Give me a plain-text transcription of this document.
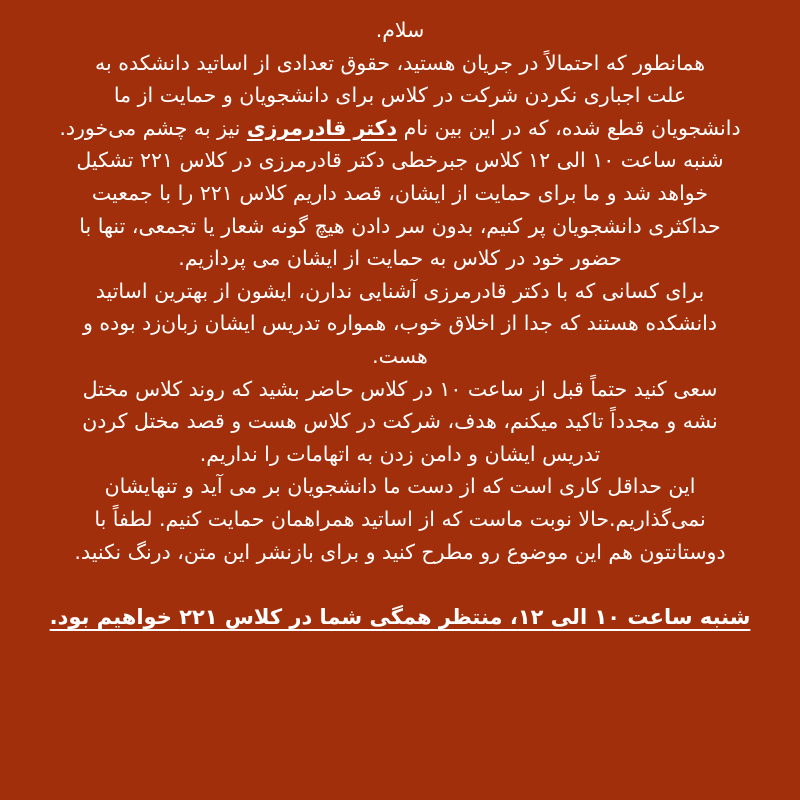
سلام.
همانطور که احتمالاً در جریان هستید، حقوق تعدادی از اساتید دانشکده به
علت اجباری نکردن شرکت در کلاس برای دانشجویان و حمایت از ما
دانشجویان قطع شده، که در این بین نام دکتر قادرمرزی نیز به چشم می‌خورد.
شنبه ساعت ۱۰ الی ۱۲ کلاس جبرخطی دکتر قادرمرزی در کلاس ۲۲۱ تشکیل
خواهد شد و ما برای حمایت از ایشان، قصد داریم کلاس ۲۲۱ را با جمعیت
حداکثری دانشجویان پر کنیم، بدون سر دادن هیچ گونه شعار یا تجمعی، تنها با
حضور خود در کلاس به حمایت از ایشان می پردازیم.
برای کسانی که با دکتر قادرمرزی آشنایی ندارن، ایشون از بهترین اساتید
دانشکده هستند که جدا از اخلاق خوب، همواره تدریس ایشان زبان‌زد بوده و
هست.
سعی کنید حتماً قبل از ساعت ۱۰ در کلاس حاضر بشید که روند کلاس مختل
نشه و مجدداً تاکید میکنم، هدف، شرکت در کلاس هست و قصد مختل کردن
تدریس ایشان و دامن زدن به اتهامات را نداریم.
این حداقل کاری است که از دست ما دانشجویان بر می آید و تنهایشان
نمی‌گذاریم.حالا نوبت ماست که از اساتید همراهمان حمایت کنیم. لطفاً با
دوستانتون هم این موضوع رو مطرح کنید و برای بازنشر این متن، درنگ نکنید.
شنبه ساعت ۱۰ الی ۱۲، منتظر همگی شما در کلاس ۲۲۱ خواهیم بود.
